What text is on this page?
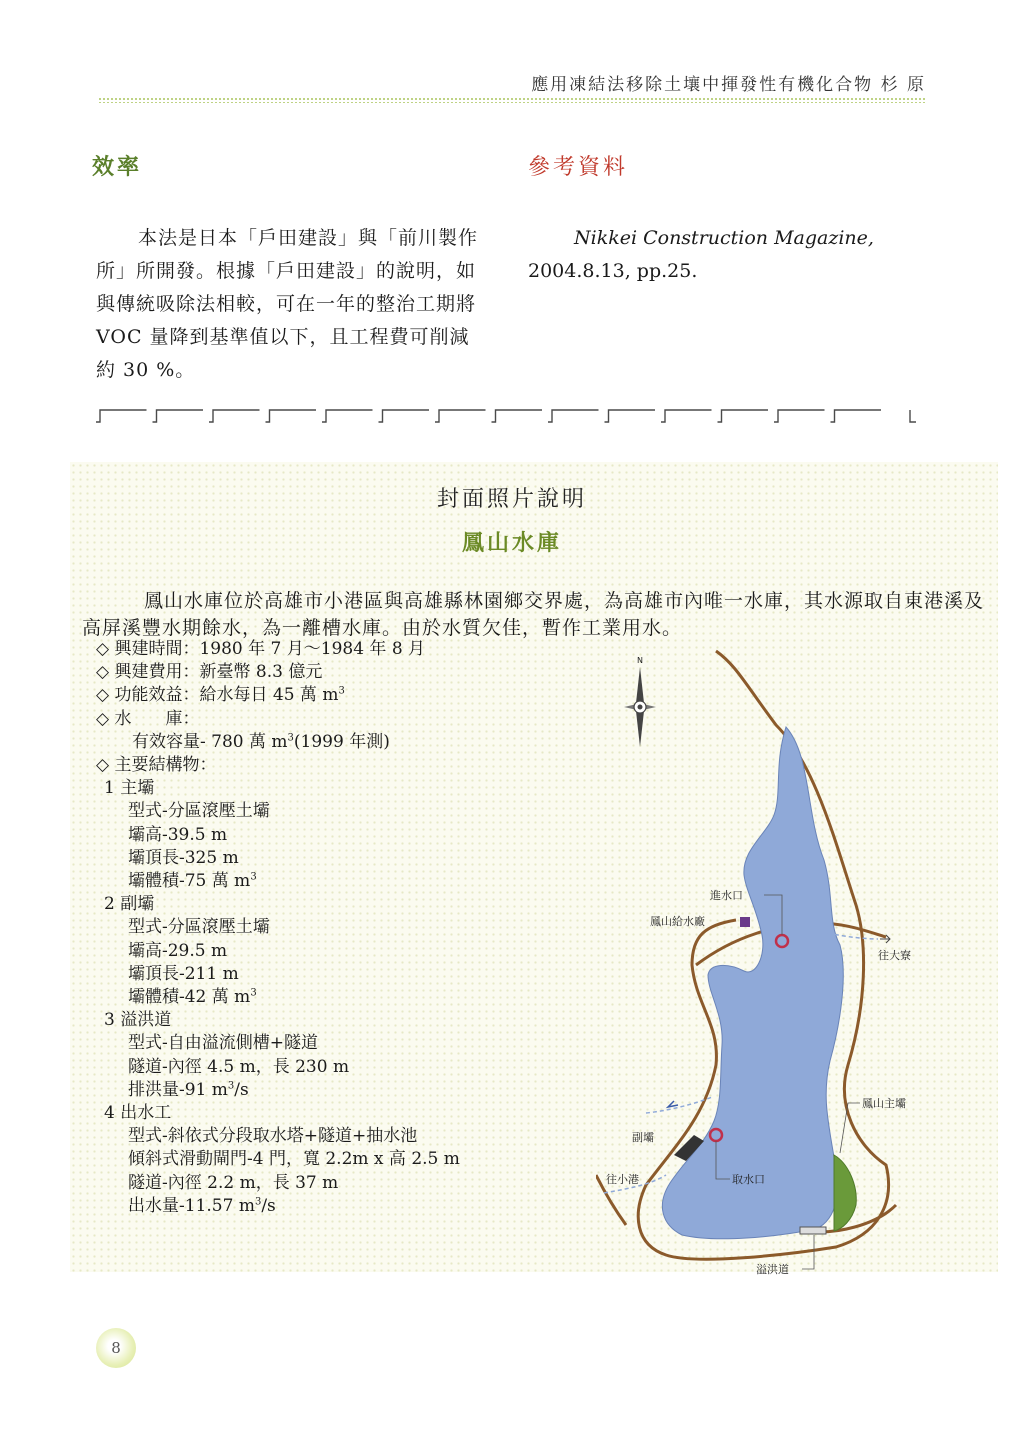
應用凍結法移除土壤中揮發性有機化合物 杉 原
效率	參考資料
本法是日本「戶田建設」與「前川製作所」所開發。根據「戶田建設」的說明，如與傳統吸除法相較，可在一年的整治工期將 VOC 量降到基準值以下，且工程費可削減約 30 %。
Nikkei Construction Magazine, 2004.8.13, pp.25.
封面照片說明
鳳山水庫
鳳山水庫位於高雄市小港區與高雄縣林園鄉交界處，為高雄市內唯一水庫，其水源取自東港溪及高屏溪豐水期餘水，為一離槽水庫。由於水質欠佳，暫作工業用水。
◇ 興建時間：1980 年 7 月～1984 年 8 月
◇ 興建費用：新臺幣 8.3 億元
◇ 功能效益：給水每日 45 萬 $m^3$
◇ 水　　庫：
有效容量- 780 萬 $m^3(1999$ 年測)
◇ 主要結構物：
1 主壩
型式-分區滾壓土壩
壩高-39.5 m
壩頂長-325 m
壩體積-75 萬 $m^3$
2 副壩
型式-分區滾壓土壩
壩高-29.5 m
壩頂長-211 m
壩體積-42 萬 $m^3$
3 溢洪道
型式-自由溢流側槽+隧道
隧道-內徑 4.5 m，長 230 m
排洪量-91 $m^3/s$
4 出水工
型式-斜依式分段取水塔+隧道+抽水池
傾斜式滑動閘門-4 門，寬 2.2m x 高 2.5 m
隧道-內徑 2.2 m，長 37 m
出水量-11.57 $m^3/s$
N
進水口
鳳山給水廠
往大寮
鳳山主壩
副壩
往小港	取水口
溢洪道
8
